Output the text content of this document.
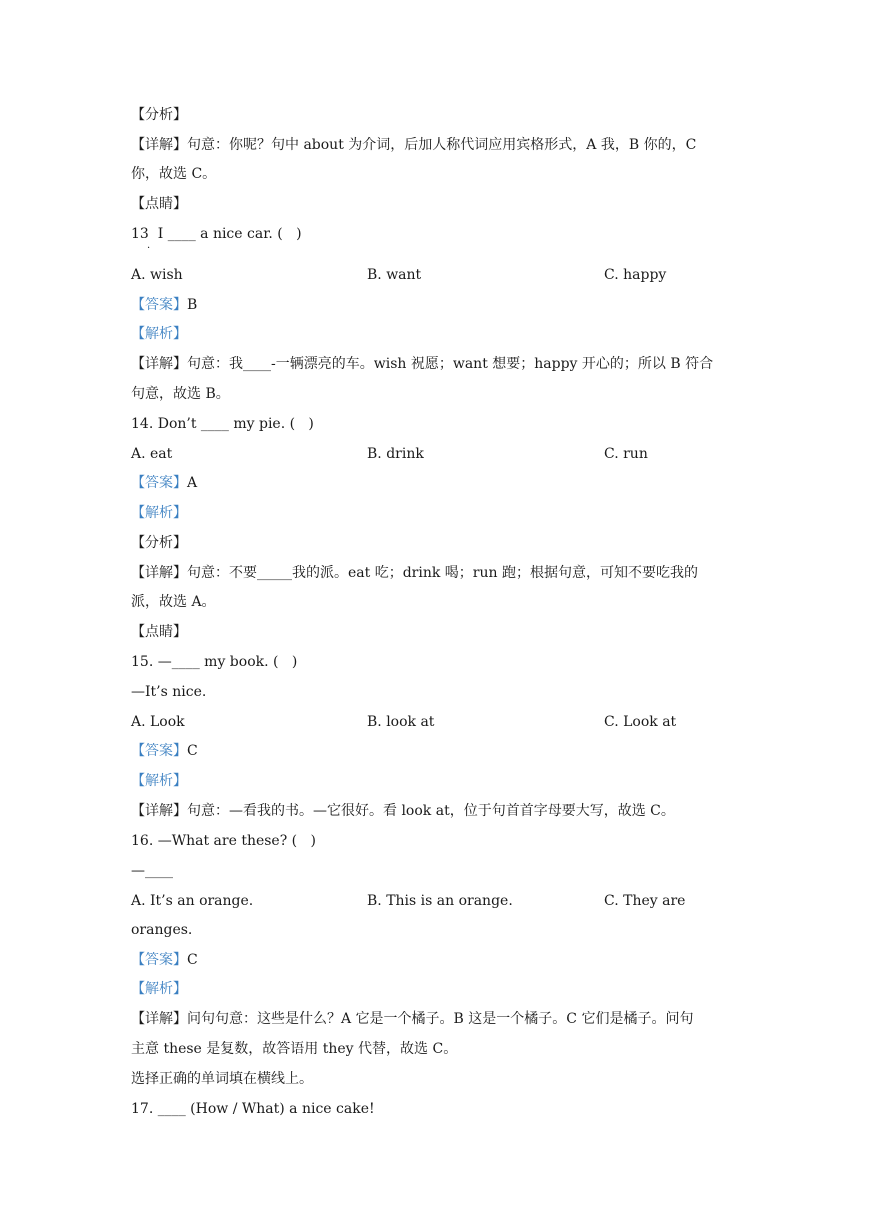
【分析】
【详解】句意：你呢？句中 about 为介词，后加人称代词应用宾格形式，A 我，B 你的，C
你，故选 C。
【点睛】
13  I ____ a nice car. (   )
·
A. wish	B. want	C. happy
【答案】B
【解析】
【详解】句意：我____-一辆漂亮的车。wish 祝愿；want 想要；happy 开心的；所以 B 符合
句意，故选 B。
14. Don’t ____ my pie. (   )
A. eat	B. drink	C. run
【答案】A
【解析】
【分析】
【详解】句意：不要_____我的派。eat 吃；drink 喝；run 跑；根据句意，可知不要吃我的
派，故选 A。
【点睛】
15. —____ my book. (   )
—It’s nice.
A. Look	B. look at	C. Look at
【答案】C
【解析】
【详解】句意：—看我的书。—它很好。看 look at，位于句首首字母要大写，故选 C。
16. —What are these? (   )
—____
A. It’s an orange.	B. This is an orange.	C. They are
oranges.
【答案】C
【解析】
【详解】问句句意：这些是什么？A 它是一个橘子。B 这是一个橘子。C 它们是橘子。问句
主意 these 是复数，故答语用 they 代替，故选 C。
选择正确的单词填在横线上。
17. ____ (How / What) a nice cake!
